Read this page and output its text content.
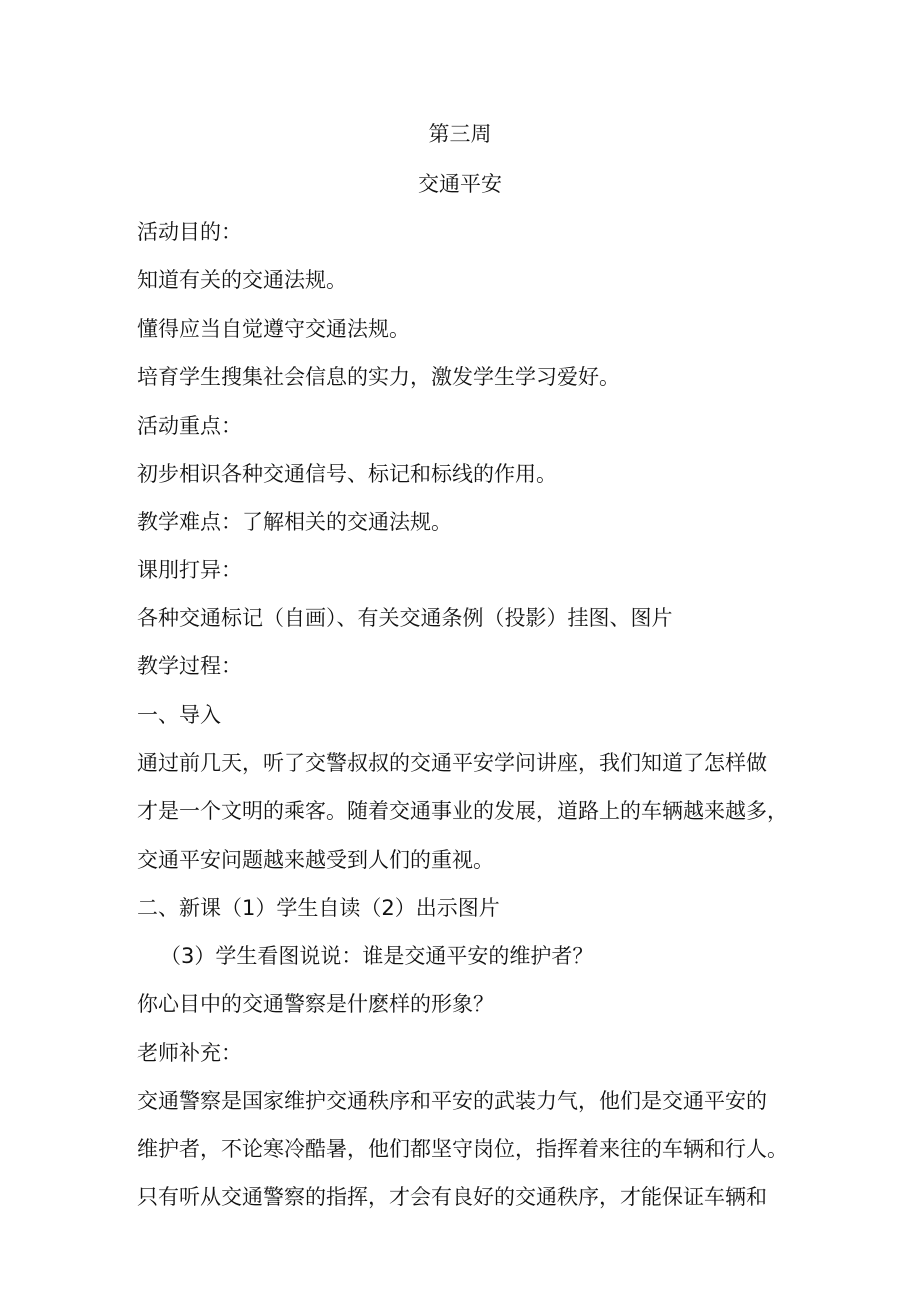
第三周
交通平安
活动目的：
知道有关的交通法规。
懂得应当自觉遵守交通法规。
培育学生搜集社会信息的实力，激发学生学习爱好。
活动重点：
初步相识各种交通信号、标记和标线的作用。
教学难点：了解相关的交通法规。
课刖打异：
各种交通标记（自画）、有关交通条例（投影）挂图、图片
教学过程：
一、导入
通过前几天，听了交警叔叔的交通平安学问讲座，我们知道了怎样做
才是一个文明的乘客。随着交通事业的发展，道路上的车辆越来越多，
交通平安问题越来越受到人们的重视。
二、新课（1）学生自读（2）出示图片
（3）学生看图说说：谁是交通平安的维护者？
你心目中的交通警察是什麽样的形象？
老师补充：
交通警察是国家维护交通秩序和平安的武装力气，他们是交通平安的
维护者，不论寒冷酷暑，他们都坚守岗位，指挥着来往的车辆和行人。
只有听从交通警察的指挥，才会有良好的交通秩序，才能保证车辆和
